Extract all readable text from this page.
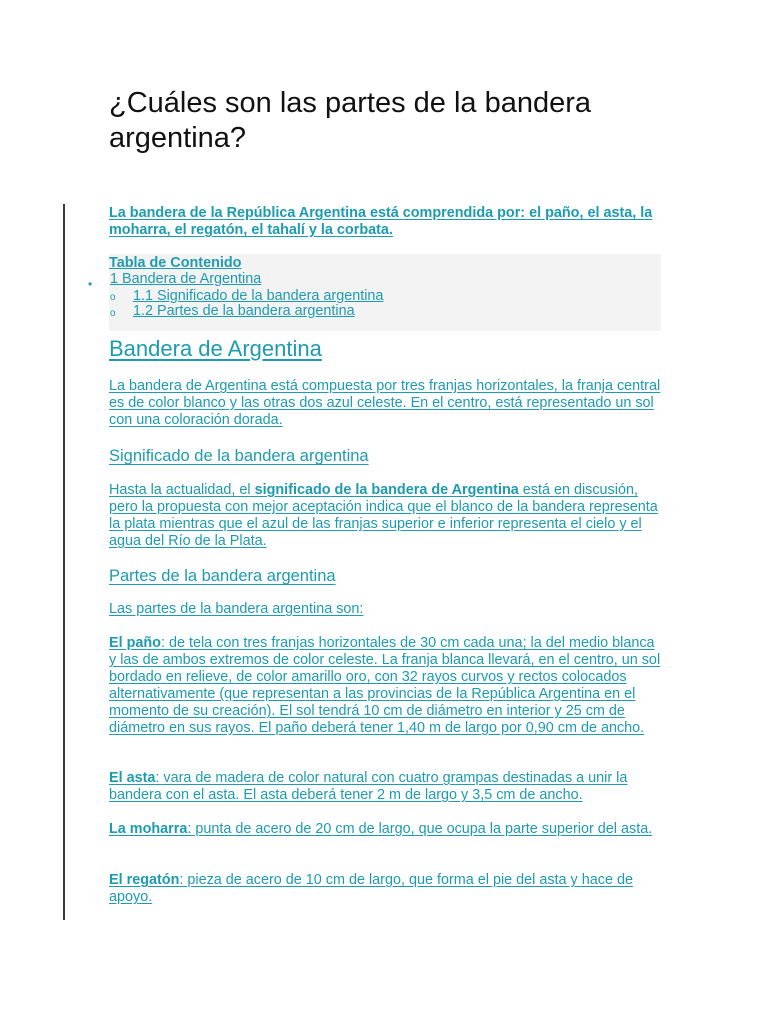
¿Cuáles son las partes de la bandera argentina?

La bandera de la República Argentina está comprendida por: el paño, el asta, la moharra, el regatón, el tahalí y la corbata.

Tabla de Contenido
• 1 Bandera de Argentina
o 1.1 Significado de la bandera argentina
o 1.2 Partes de la bandera argentina
Bandera de Argentina

La bandera de Argentina está compuesta por tres franjas horizontales, la franja central es de color blanco y las otras dos azul celeste. En el centro, está representado un sol con una coloración dorada.

Significado de la bandera argentina

Hasta la actualidad, el significado de la bandera de Argentina está en discusión, pero la propuesta con mejor aceptación indica que el blanco de la bandera representa la plata mientras que el azul de las franjas superior e inferior representa el cielo y el agua del Río de la Plata.

Partes de la bandera argentina

Las partes de la bandera argentina son:

El paño: de tela con tres franjas horizontales de 30 cm cada una; la del medio blanca y las de ambos extremos de color celeste. La franja blanca llevará, en el centro, un sol bordado en relieve, de color amarillo oro, con 32 rayos curvos y rectos colocados alternativamente (que representan a las provincias de la República Argentina en el momento de su creación). El sol tendrá 10 cm de diámetro en interior y 25 cm de diámetro en sus rayos. El paño deberá tener 1,40 m de largo por 0,90 cm de ancho.

El asta: vara de madera de color natural con cuatro grampas destinadas a unir la bandera con el asta. El asta deberá tener 2 m de largo y 3,5 cm de ancho.

La moharra: punta de acero de 20 cm de largo, que ocupa la parte superior del asta.

El regatón: pieza de acero de 10 cm de largo, que forma el pie del asta y hace de apoyo.
